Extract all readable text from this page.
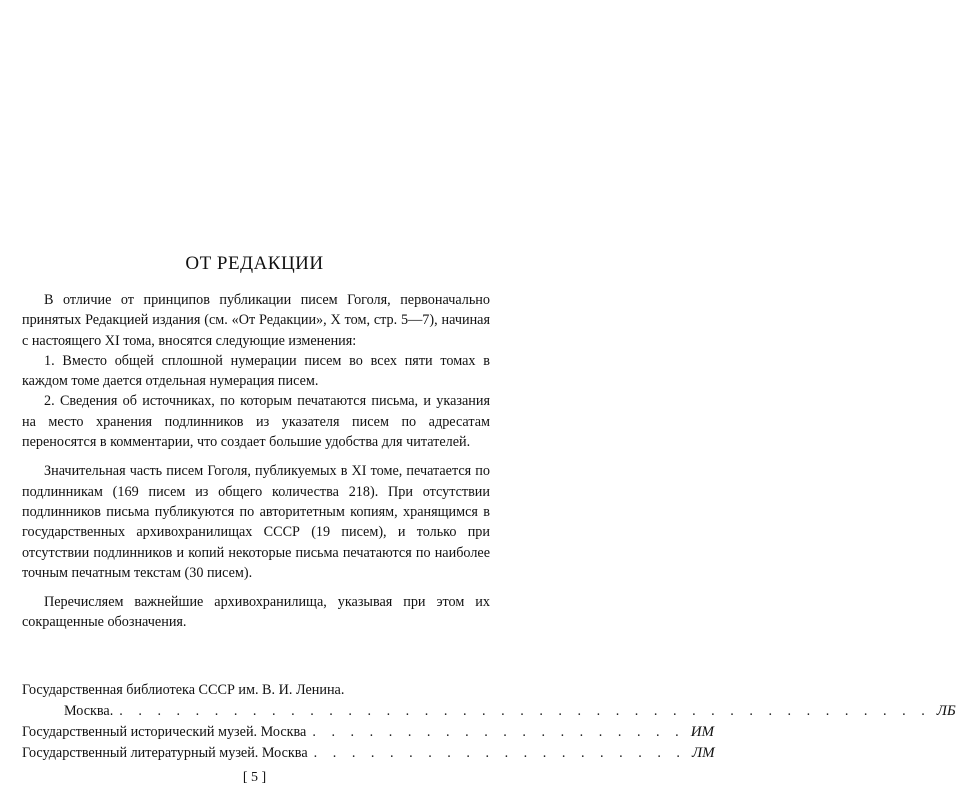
ОТ РЕДАКЦИИ

В отличие от принципов публикации писем Гоголя, первоначально принятых Редакцией издания (см. «От Редакции», X том, стр. 5—7), начиная с настоящего XI тома, вносятся следующие изменения:

1. Вместо общей сплошной нумерации писем во всех пяти томах в каждом томе дается отдельная нумерация писем.

2. Сведения об источниках, по которым печатаются письма, и указания на место хранения подлинников из указателя писем по адресатам переносятся в комментарии, что создает большие удобства для читателей.

Значительная часть писем Гоголя, публикуемых в XI томе, печатается по подлинникам (169 писем из общего количества 218). При отсутствии подлинников письма публикуются по авторитетным копиям, хранящимся в государственных архивохранилищах СССР (19 писем), и только при отсутствии подлинников и копий некоторые письма печатаются по наиболее точным печатным текстам (30 писем).

Перечисляем важнейшие архивохранилища, указывая при этом их сокращенные обозначения.

Государственная библиотека СССР им. В. И. Ленина.
Москва. . . . . . . . . . . . . . . . . . . . . . . . . . . . . . . . . . . . . . . . . . . . ЛБ
Государственный исторический музей. Москва . . . . . . . . . . . . . . . . . . . . ИМ
Государственный литературный музей. Москва . . . . . . . . . . . . . . . . . . . . ЛМ
[ 5 ]
